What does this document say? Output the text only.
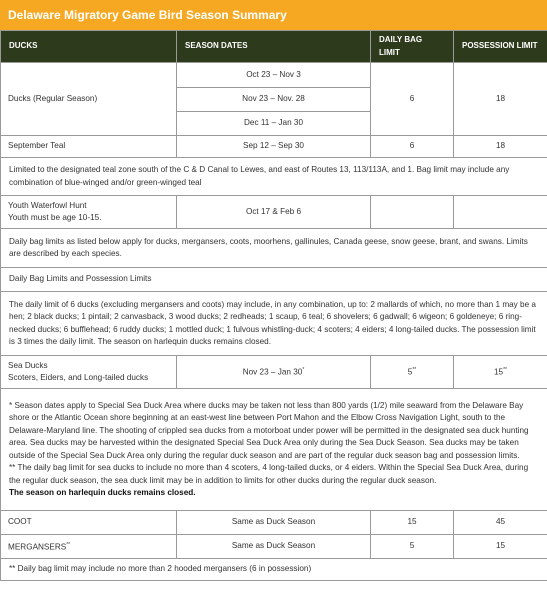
Delaware Migratory Game Bird Season Summary
DUCKS	SEASON DATES	DAILY BAG LIMIT	POSSESSION LIMIT
Ducks (Regular Season)	Oct 23 – Nov 3	6	18
	Nov 23 – Nov. 28		
	Dec 11 – Jan 30		
September Teal	Sep 12 – Sep 30	6	18
Limited to the designated teal zone south of the C & D Canal to Lewes, and east of Routes 13, 113/113A, and 1. Bag limit may include any combination of blue-winged and/or green-winged teal			

Youth Waterfowl Hunt
Youth must be age 10-15.	Oct 17 & Feb 6		
Daily bag limits as listed below apply for ducks, mergansers, coots, moorhens, gallinules, Canada geese, snow geese, brant, and swans. Limits are described by each species.			
Daily Bag Limits and Possession Limits			
The daily limit of 6 ducks (excluding mergansers and coots) may include, in any combination, up to: 2 mallards of which, no more than 1 may be a hen; 2 black ducks; 1 pintail; 2 canvasback, 3 wood ducks; 2 redheads; 1 scaup, 6 teal; 6 shovelers; 6 gadwall; 6 wigeon; 6 goldeneye; 6 ring-necked ducks; 6 bufflehead; 6 ruddy ducks; 1 mottled duck; 1 fulvous whistling-duck; 4 scoters; 4 eiders; 4 long-tailed ducks. The possession limit is 3 times the daily limit. The season on harlequin ducks remains closed.			

Sea Ducks
Scoters, Eiders, and Long-tailed ducks	Nov 23 – Jan 30*	5**	15**

* Season dates apply to Special Sea Duck Area where ducks may be taken not less than 800 yards (1/2) mile seaward from the Delaware Bay shore or the Atlantic Ocean shore beginning at an east-west line between Port Mahon and the Elbow Cross Navigation Light, south to the Delaware-Maryland line. The shooting of crippled sea ducks from a motorboat under power will be permitted in the designated sea duck hunting area. Sea ducks may be harvested within the designated Special Sea Duck Area only during the Sea Duck Season. Sea ducks may be taken outside of the Special Sea Duck Area only during the regular duck season and are part of the regular duck season bag and possession limits.
** The daily bag limit for sea ducks to include no more than 4 scoters, 4 long-tailed ducks, or 4 eiders. Within the Special Sea Duck Area, during the regular duck season, the sea duck limit may be in addition to limits for other ducks during the regular duck season.
The season on harlequin ducks remains closed.			

COOT	Same as Duck Season	15	45
MERGANSERS**	Same as Duck Season	5	15
** Daily bag limit may include no more than 2 hooded mergansers (6 in possession)			
